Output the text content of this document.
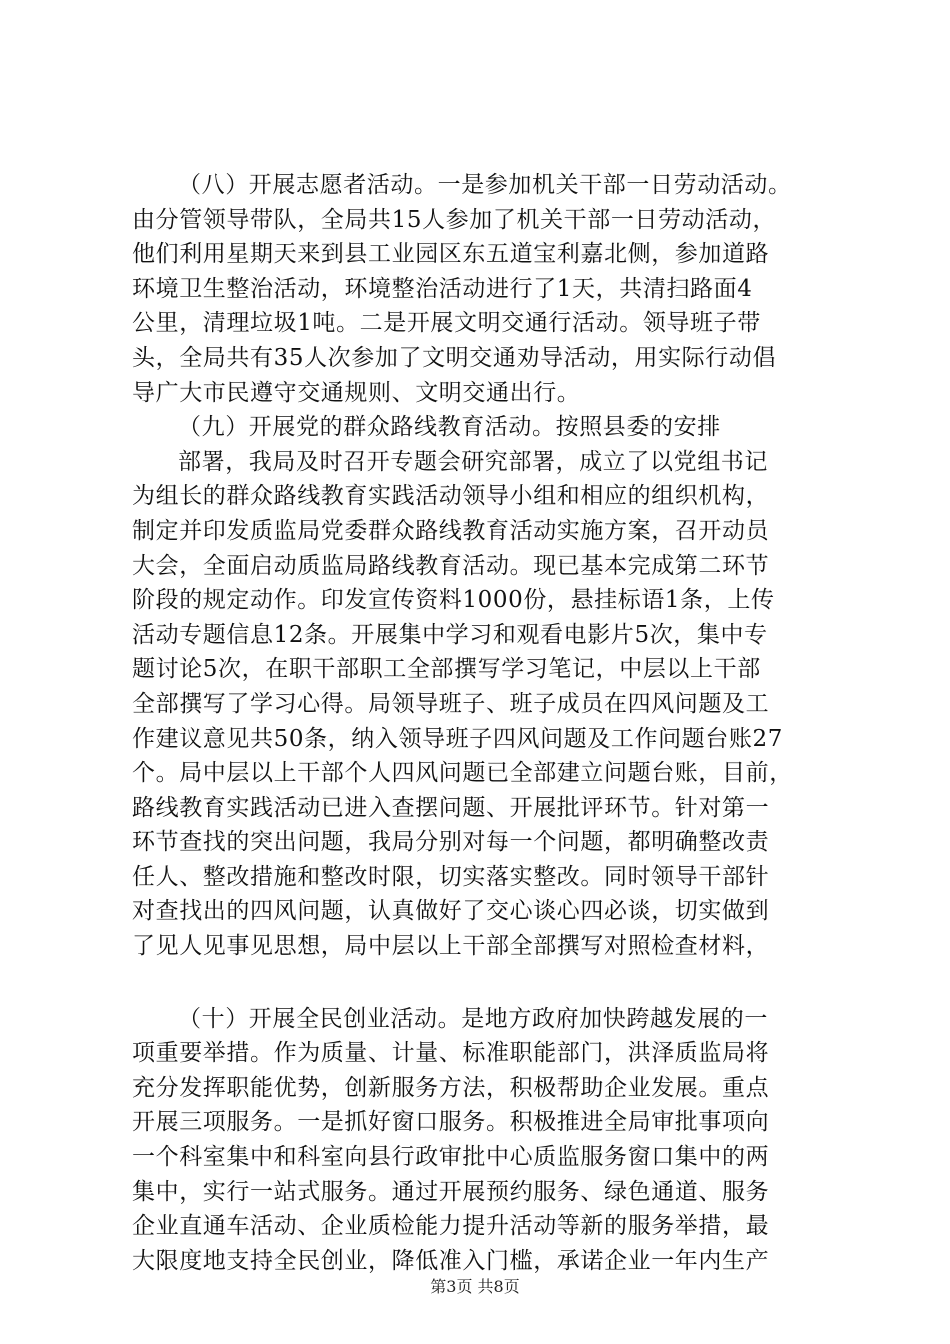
（八）开展志愿者活动。一是参加机关干部一日劳动活动。
由分管领导带队，全局共15人参加了机关干部一日劳动活动，
他们利用星期天来到县工业园区东五道宝利嘉北侧，参加道路
环境卫生整治活动，环境整治活动进行了1天，共清扫路面4
公里，清理垃圾1吨。二是开展文明交通行活动。领导班子带
头，全局共有35人次参加了文明交通劝导活动，用实际行动倡
导广大市民遵守交通规则、文明交通出行。
（九）开展党的群众路线教育活动。按照县委的安排
部署，我局及时召开专题会研究部署，成立了以党组书记
为组长的群众路线教育实践活动领导小组和相应的组织机构，
制定并印发质监局党委群众路线教育活动实施方案，召开动员
大会，全面启动质监局路线教育活动。现已基本完成第二环节
阶段的规定动作。印发宣传资料1000份，悬挂标语1条，上传
活动专题信息12条。开展集中学习和观看电影片5次，集中专
题讨论5次，在职干部职工全部撰写学习笔记，中层以上干部
全部撰写了学习心得。局领导班子、班子成员在四风问题及工
作建议意见共50条，纳入领导班子四风问题及工作问题台账27
个。局中层以上干部个人四风问题已全部建立问题台账，目前，
路线教育实践活动已进入查摆问题、开展批评环节。针对第一
环节查找的突出问题，我局分别对每一个问题，都明确整改责
任人、整改措施和整改时限，切实落实整改。同时领导干部针
对查找出的四风问题，认真做好了交心谈心四必谈，切实做到
了见人见事见思想，局中层以上干部全部撰写对照检查材料，
（十）开展全民创业活动。是地方政府加快跨越发展的一
项重要举措。作为质量、计量、标准职能部门，洪泽质监局将
充分发挥职能优势，创新服务方法，积极帮助企业发展。重点
开展三项服务。一是抓好窗口服务。积极推进全局审批事项向
一个科室集中和科室向县行政审批中心质监服务窗口集中的两
集中，实行一站式服务。通过开展预约服务、绿色通道、服务
企业直通车活动、企业质检能力提升活动等新的服务举措，最
大限度地支持全民创业，降低准入门槛，承诺企业一年内生产
第3页 共8页
